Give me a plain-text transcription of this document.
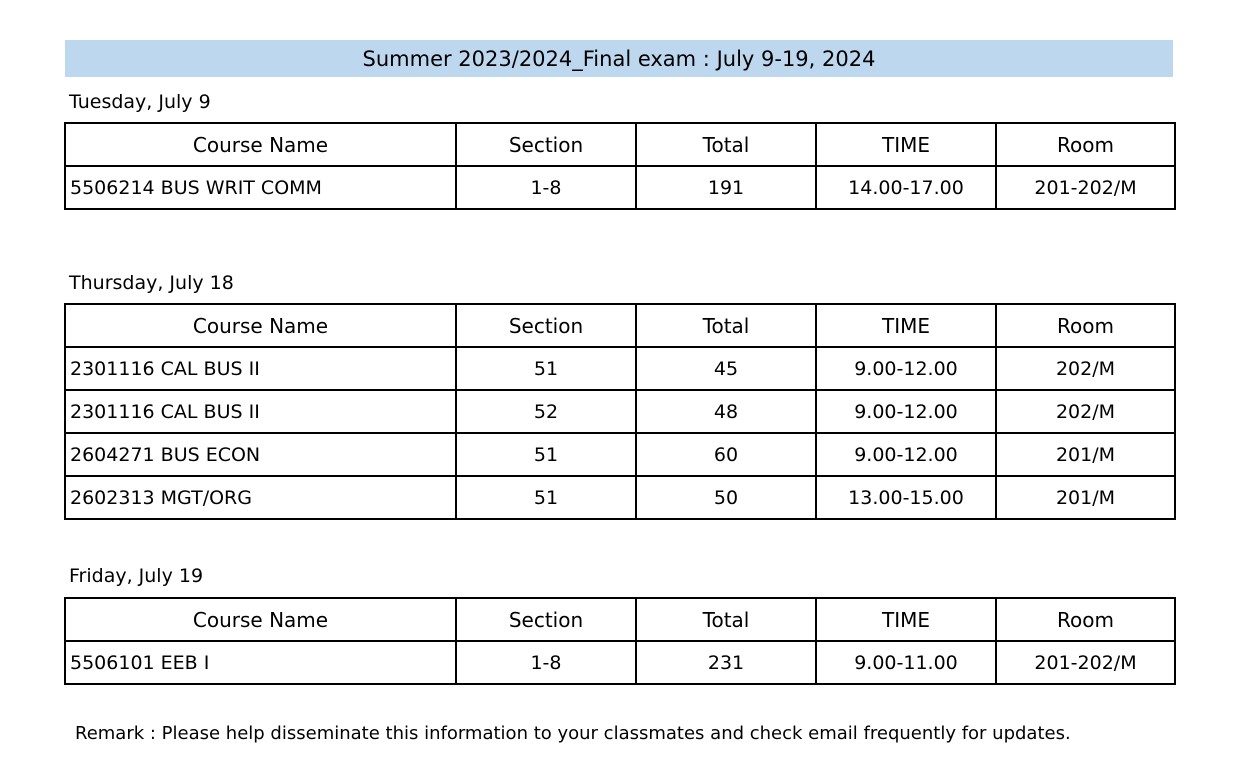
Summer 2023/2024_Final exam : July 9-19, 2024
Tuesday, July 9
Course Name	Section	Total	TIME	Room
5506214 BUS WRIT COMM	1-8	191	14.00-17.00	201-202/M
Thursday, July 18
Course Name	Section	Total	TIME	Room
2301116 CAL BUS II	51	45	9.00-12.00	202/M
2301116 CAL BUS II	52	48	9.00-12.00	202/M
2604271 BUS ECON	51	60	9.00-12.00	201/M
2602313 MGT/ORG	51	50	13.00-15.00	201/M
Friday, July 19
Course Name	Section	Total	TIME	Room
5506101 EEB I	1-8	231	9.00-11.00	201-202/M
Remark : Please help disseminate this information to your classmates and check email frequently for updates.
